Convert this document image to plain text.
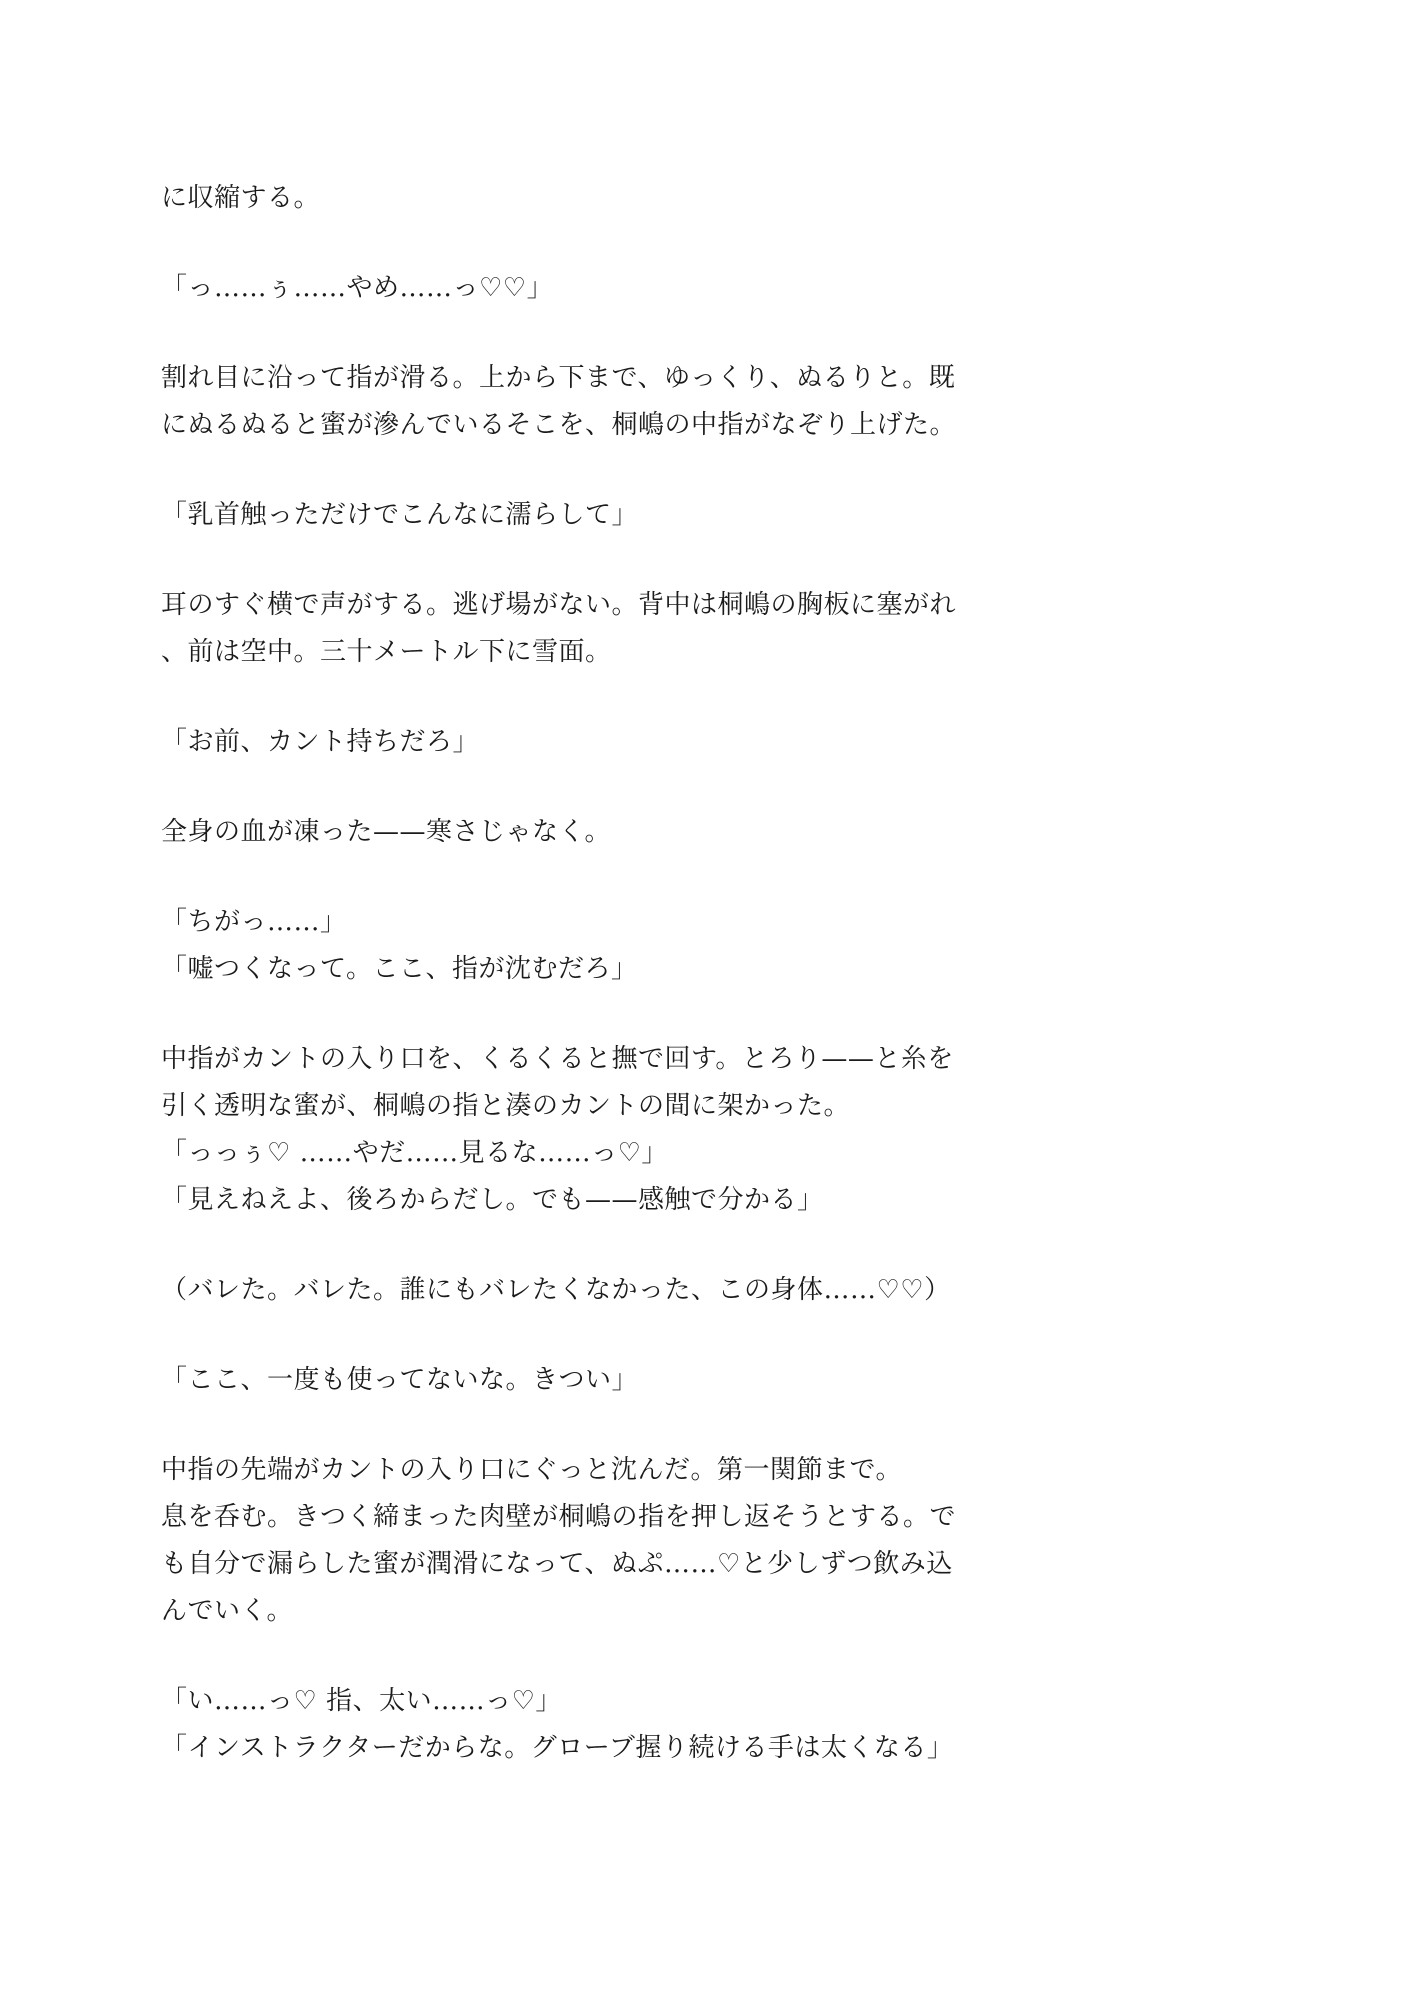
に収縮する。

「っ……ぅ……やめ……っ♡♡」

割れ目に沿って指が滑る。上から下まで、ゆっくり、ぬるりと。既
にぬるぬると蜜が滲んでいるそこを、桐嶋の中指がなぞり上げた。

「乳首触っただけでこんなに濡らして」

耳のすぐ横で声がする。逃げ場がない。背中は桐嶋の胸板に塞がれ
、前は空中。三十メートル下に雪面。

「お前、カント持ちだろ」

全身の血が凍った——寒さじゃなく。

「ちがっ……」
「嘘つくなって。ここ、指が沈むだろ」

中指がカントの入り口を、くるくると撫で回す。とろり——と糸を
引く透明な蜜が、桐嶋の指と湊のカントの間に架かった。
「っっぅ♡ ……やだ……見るな……っ♡」
「見えねえよ、後ろからだし。でも——感触で分かる」

（バレた。バレた。誰にもバレたくなかった、この身体……♡♡）

「ここ、一度も使ってないな。きつい」

中指の先端がカントの入り口にぐっと沈んだ。第一関節まで。
息を呑む。きつく締まった肉壁が桐嶋の指を押し返そうとする。で
も自分で漏らした蜜が潤滑になって、ぬぷ……♡と少しずつ飲み込
んでいく。

「い……っ♡ 指、太い……っ♡」
「インストラクターだからな。グローブ握り続ける手は太くなる」
